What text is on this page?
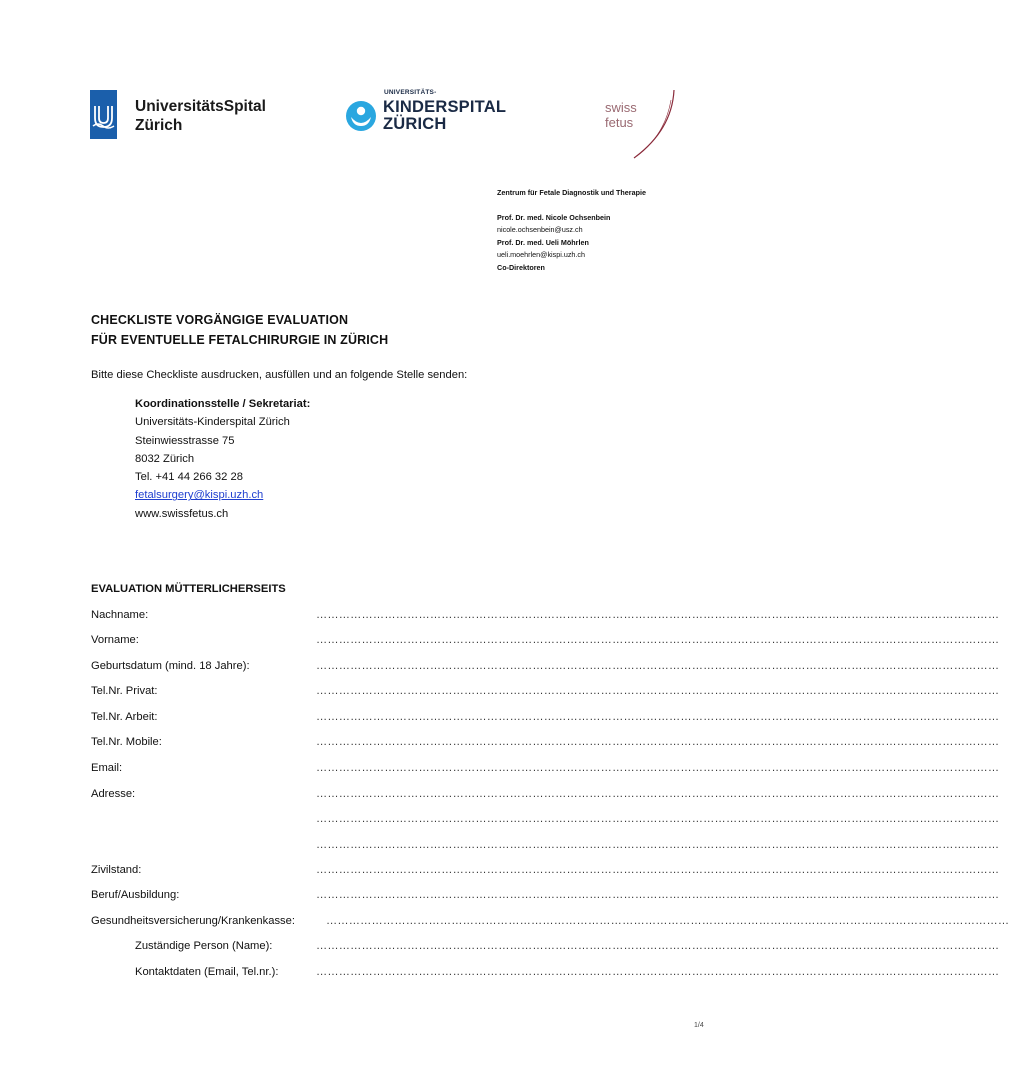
UniversitätsSpital
Zürich
UNIVERSITÄTS-
KINDERSPITAL
ZÜRICH
swiss
fetus
Zentrum für Fetale Diagnostik und Therapie
Prof. Dr. med. Nicole Ochsenbein
nicole.ochsenbein@usz.ch
Prof. Dr. med. Ueli Möhrlen
ueli.moehrlen@kispi.uzh.ch
Co-Direktoren
CHECKLISTE VORGÄNGIGE EVALUATION
FÜR EVENTUELLE FETALCHIRURGIE IN ZÜRICH
Bitte diese Checkliste ausdrucken, ausfüllen und an folgende Stelle senden:
Koordinationsstelle / Sekretariat:
Universitäts-Kinderspital Zürich
Steinwiesstrasse 75
8032 Zürich
Tel. +41 44 266 32 28
fetalsurgery@kispi.uzh.ch
www.swissfetus.ch
EVALUATION MÜTTERLICHERSEITS
Nachname:	………………………………………………………………………………………………………………………………………………………………
Vorname:	………………………………………………………………………………………………………………………………………………………………
Geburtsdatum (mind. 18 Jahre):	………………………………………………………………………………………………………………………………………………………………
Tel.Nr. Privat:	………………………………………………………………………………………………………………………………………………………………
Tel.Nr. Arbeit:	………………………………………………………………………………………………………………………………………………………………
Tel.Nr. Mobile:	………………………………………………………………………………………………………………………………………………………………
Email:	………………………………………………………………………………………………………………………………………………………………
Adresse:	………………………………………………………………………………………………………………………………………………………………
………………………………………………………………………………………………………………………………………………………………
………………………………………………………………………………………………………………………………………………………………
Zivilstand:	………………………………………………………………………………………………………………………………………………………………
Beruf/Ausbildung:	………………………………………………………………………………………………………………………………………………………………
Gesundheitsversicherung/Krankenkasse:	………………………………………………………………………………………………………………………………………………………………
Zuständige Person (Name):	………………………………………………………………………………………………………………………………………………………………
Kontaktdaten (Email, Tel.nr.):	………………………………………………………………………………………………………………………………………………………………
1/4
